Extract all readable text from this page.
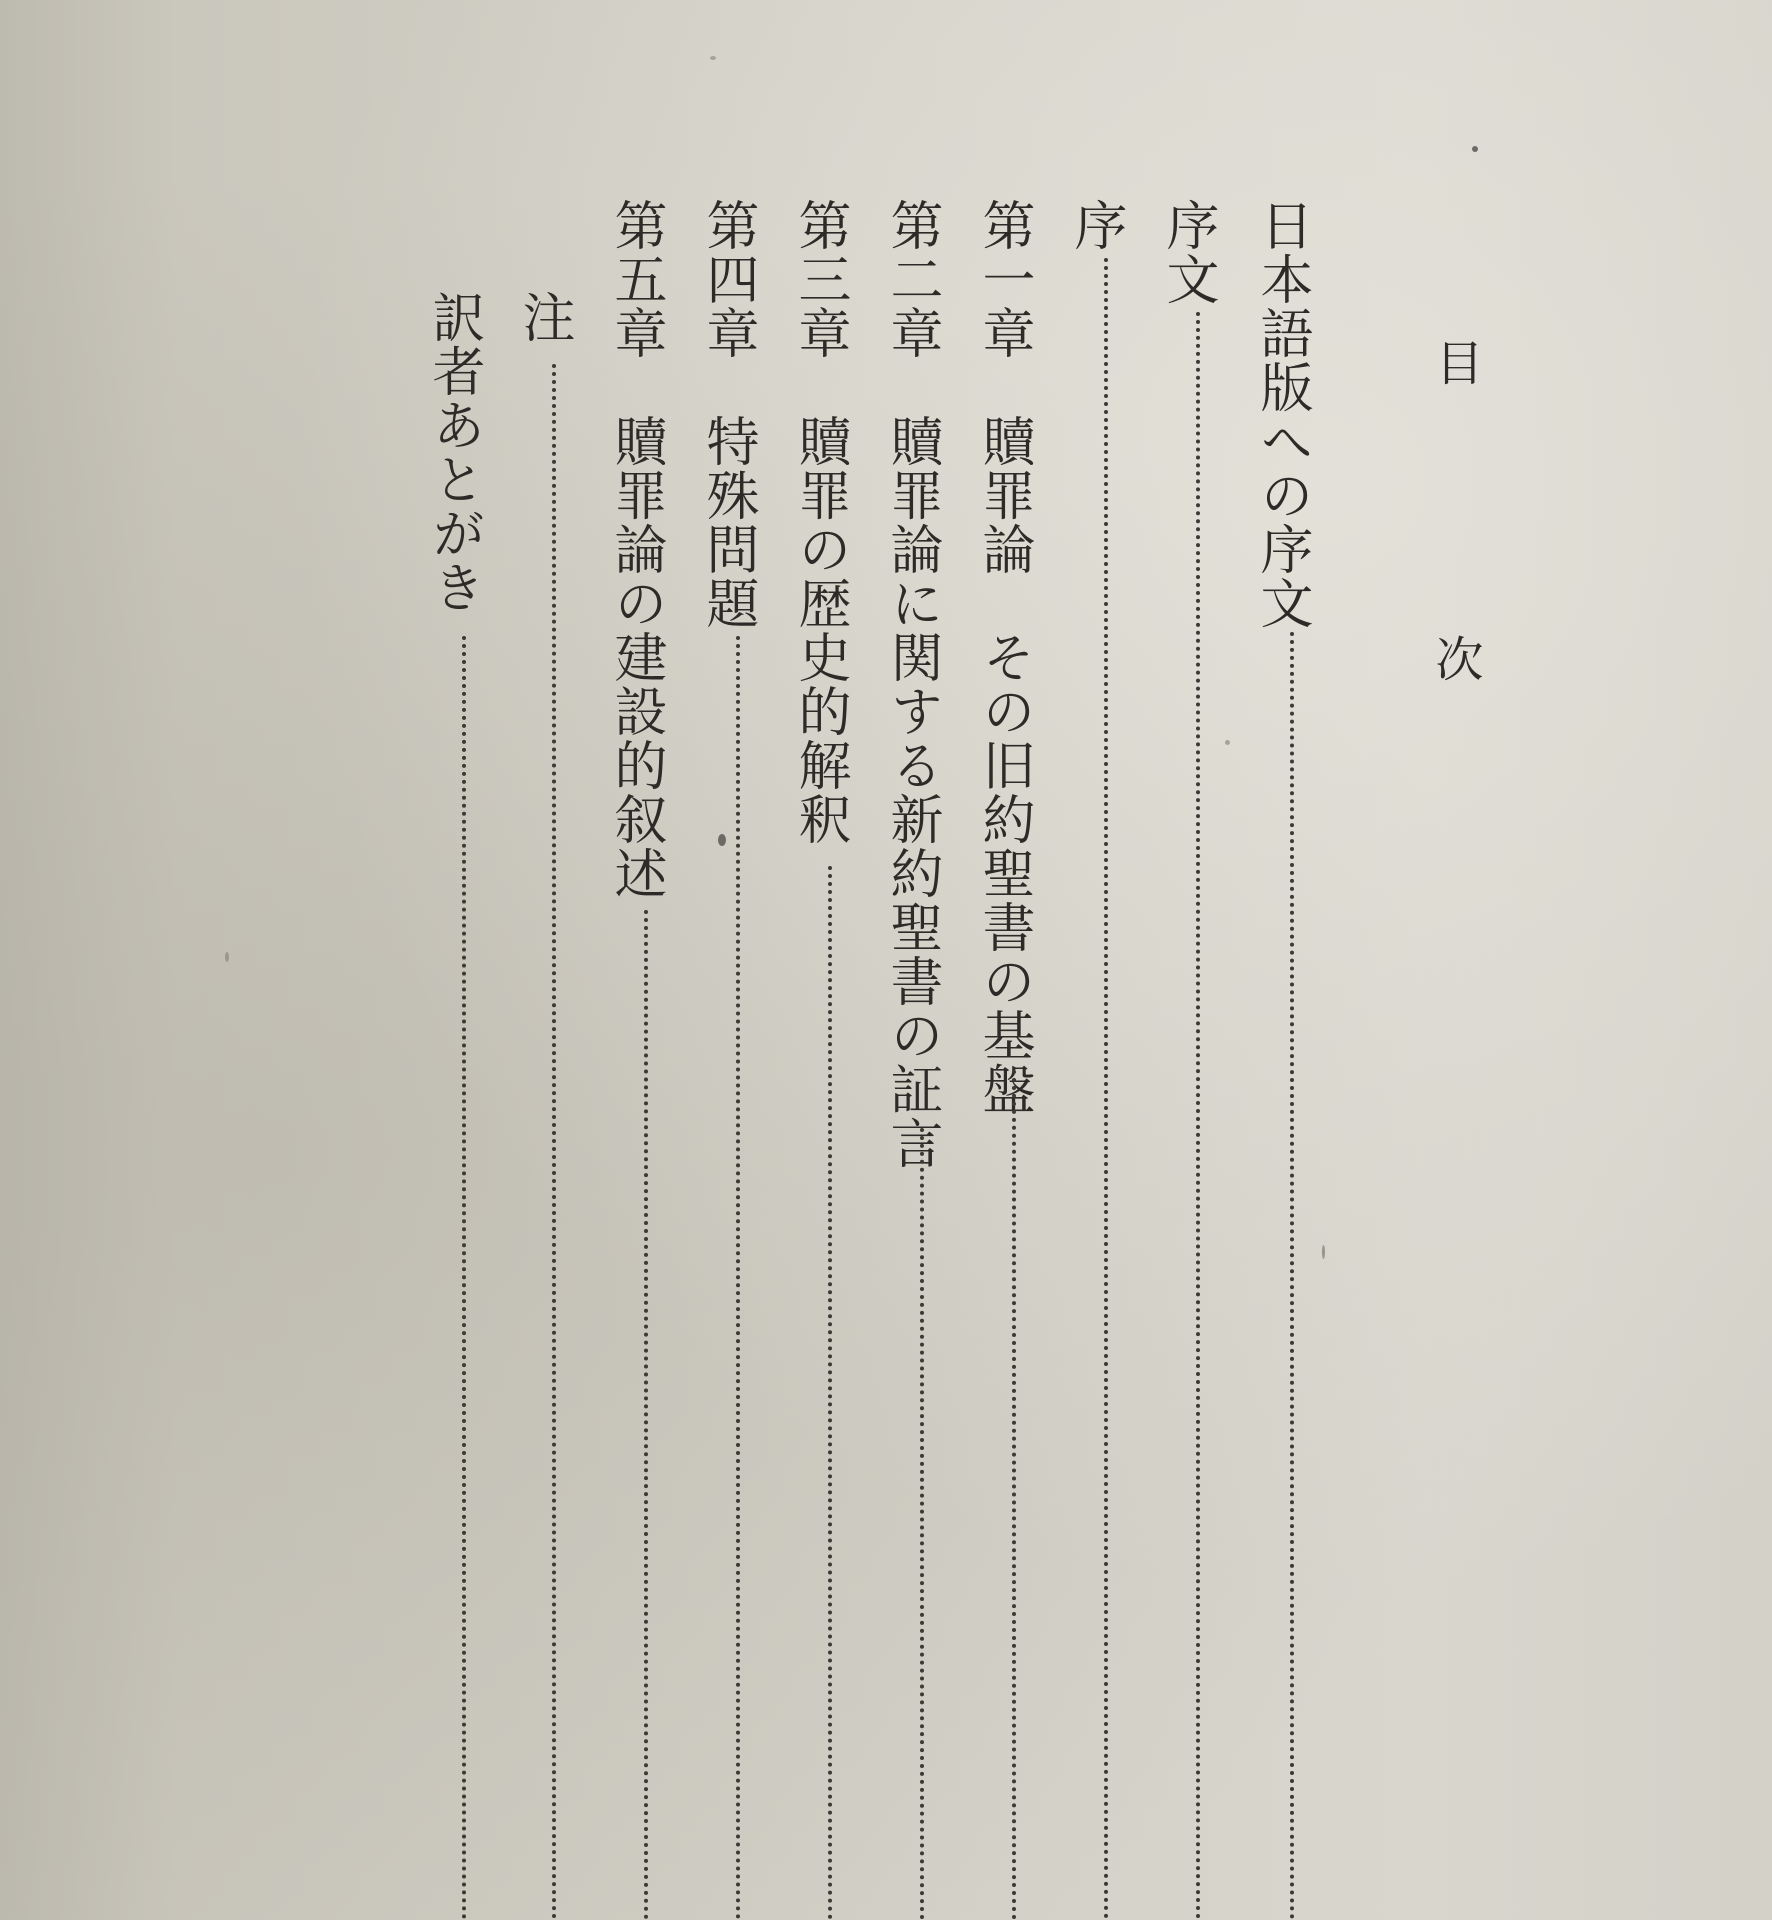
目　次
日本語版への序文
序文
序
第一章　贖罪論　その旧約聖書の基盤
第二章　贖罪論に関する新約聖書の証言
第三章　贖罪の歴史的解釈
第四章　特殊問題
第五章　贖罪論の建設的叙述
注
訳者あとがき
